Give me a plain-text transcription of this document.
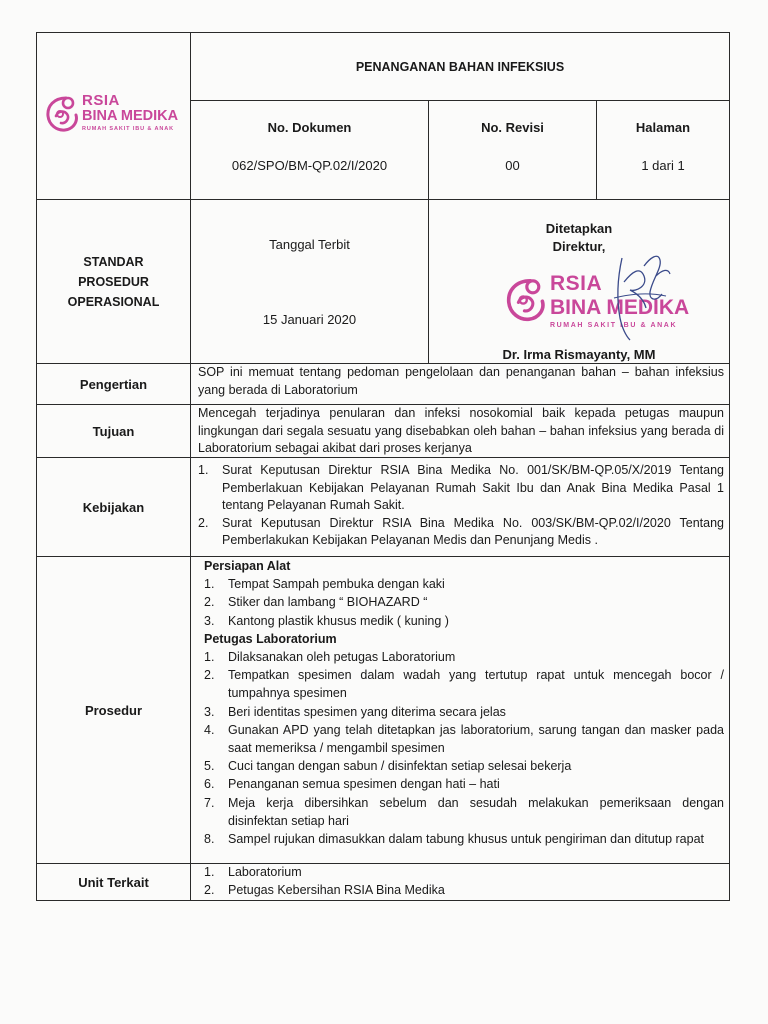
RSIA
BINA MEDIKA
RUMAH SAKIT IBU & ANAK
PENANGANAN BAHAN INFEKSIUS
No. Dokumen
062/SPO/BM-QP.02/I/2020
No. Revisi
00
Halaman
1 dari 1
STANDAR PROSEDUR OPERASIONAL
Tanggal Terbit
15 Januari 2020
Ditetapkan
Direktur,
RSIA
BINA MEDIKA
RUMAH SAKIT IBU & ANAK
Dr. Irma Rismayanty, MM
Pengertian
SOP ini memuat tentang pedoman pengelolaan dan penanganan bahan – bahan infeksius yang berada di Laboratorium
Tujuan
Mencegah terjadinya penularan dan infeksi nosokomial baik kepada petugas maupun lingkungan dari segala sesuatu yang disebabkan oleh bahan – bahan infeksius yang berada di Laboratorium sebagai akibat dari proses kerjanya
Kebijakan
1.	Surat Keputusan Direktur RSIA Bina Medika No. 001/SK/BM-QP.05/X/2019 Tentang Pemberlakuan Kebijakan Pelayanan Rumah Sakit Ibu dan Anak Bina Medika Pasal 1 tentang Pelayanan Rumah Sakit.
2.	Surat Keputusan Direktur RSIA Bina Medika No. 003/SK/BM-QP.02/I/2020 Tentang Pemberlakukan Kebijakan Pelayanan Medis dan Penunjang Medis .
Prosedur
Persiapan Alat
1.	Tempat Sampah pembuka dengan kaki
2.	Stiker dan lambang “ BIOHAZARD “
3.	Kantong plastik khusus medik ( kuning )
Petugas Laboratorium
1.	Dilaksanakan oleh petugas Laboratorium
2.	Tempatkan spesimen dalam wadah yang tertutup rapat untuk mencegah bocor / tumpahnya spesimen
3.	Beri identitas spesimen yang diterima secara jelas
4.	Gunakan APD yang telah ditetapkan jas laboratorium, sarung tangan dan masker pada saat memeriksa / mengambil spesimen
5.	Cuci tangan dengan sabun / disinfektan setiap selesai bekerja
6.	Penanganan semua spesimen dengan hati – hati
7.	Meja kerja dibersihkan sebelum dan sesudah melakukan pemeriksaan dengan disinfektan setiap hari
8.	Sampel rujukan dimasukkan dalam tabung khusus untuk pengiriman dan ditutup rapat
Unit Terkait
1.	Laboratorium
2.	Petugas Kebersihan RSIA Bina Medika
